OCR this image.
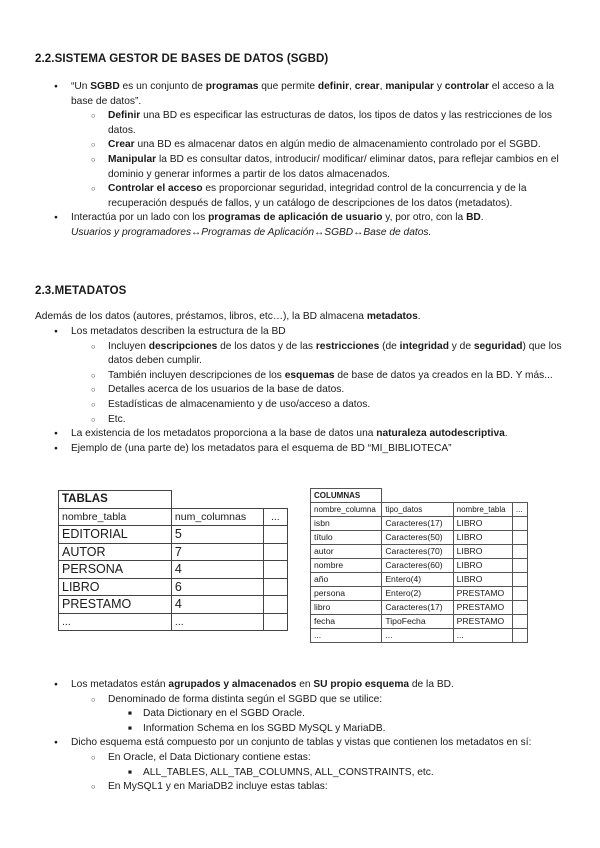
2.2.SISTEMA GESTOR DE BASES DE DATOS (SGBD)
● “Un SGBD es un conjunto de programas que permite definir, crear, manipular y controlar el acceso a la base de datos”.
○ Definir una BD es especificar las estructuras de datos, los tipos de datos y las restricciones de los datos.
○ Crear una BD es almacenar datos en algún medio de almacenamiento controlado por el SGBD.
○ Manipular la BD es consultar datos, introducir/ modificar/ eliminar datos, para reflejar cambios en el dominio y generar informes a partir de los datos almacenados.
○ Controlar el acceso es proporcionar seguridad, integridad control de la concurrencia y de la recuperación después de fallos, y un catálogo de descripciones de los datos (metadatos).
● Interactúa por un lado con los programas de aplicación de usuario y, por otro, con la BD.
Usuarios y programadores↔Programas de Aplicación↔SGBD↔Base de datos.
2.3.METADATOS
Además de los datos (autores, préstamos, libros, etc…), la BD almacena metadatos.
● Los metadatos describen la estructura de la BD
○ Incluyen descripciones de los datos y de las restricciones (de integridad y de seguridad) que los datos deben cumplir.
○ También incluyen descripciones de los esquemas de base de datos ya creados en la BD. Y más...
○ Detalles acerca de los usuarios de la base de datos.
○ Estadísticas de almacenamiento y de uso/acceso a datos.
○ Etc.
● La existencia de los metadatos proporciona a la base de datos una naturaleza autodescriptiva.
● Ejemplo de (una parte de) los metadatos para el esquema de BD “MI_BIBLIOTECA”
TABLAS		
nombre_tabla	num_columnas	...
EDITORIAL	5	
AUTOR	7	
PERSONA	4	
LIBRO	6	
PRESTAMO	4	
...	...	
COLUMNAS			
nombre_columna	tipo_datos	nombre_tabla	...
isbn	Caracteres(17)	LIBRO	
título	Caracteres(50)	LIBRO	
autor	Caracteres(70)	LIBRO	
nombre	Caracteres(60)	LIBRO	
año	Entero(4)	LIBRO	
persona	Entero(2)	PRESTAMO	
libro	Caracteres(17)	PRESTAMO	
fecha	TipoFecha	PRESTAMO	
...	...	...	
● Los metadatos están agrupados y almacenados en SU propio esquema de la BD.
○ Denominado de forma distinta según el SGBD que se utilice:
■ Data Dictionary en el SGBD Oracle.
■ Information Schema en los SGBD MySQL y MariaDB.
● Dicho esquema está compuesto por un conjunto de tablas y vistas que contienen los metadatos en sí:
○ En Oracle, el Data Dictionary contiene estas:
■ ALL_TABLES, ALL_TAB_COLUMNS, ALL_CONSTRAINTS, etc.
○ En MySQL1 y en MariaDB2 incluye estas tablas:
